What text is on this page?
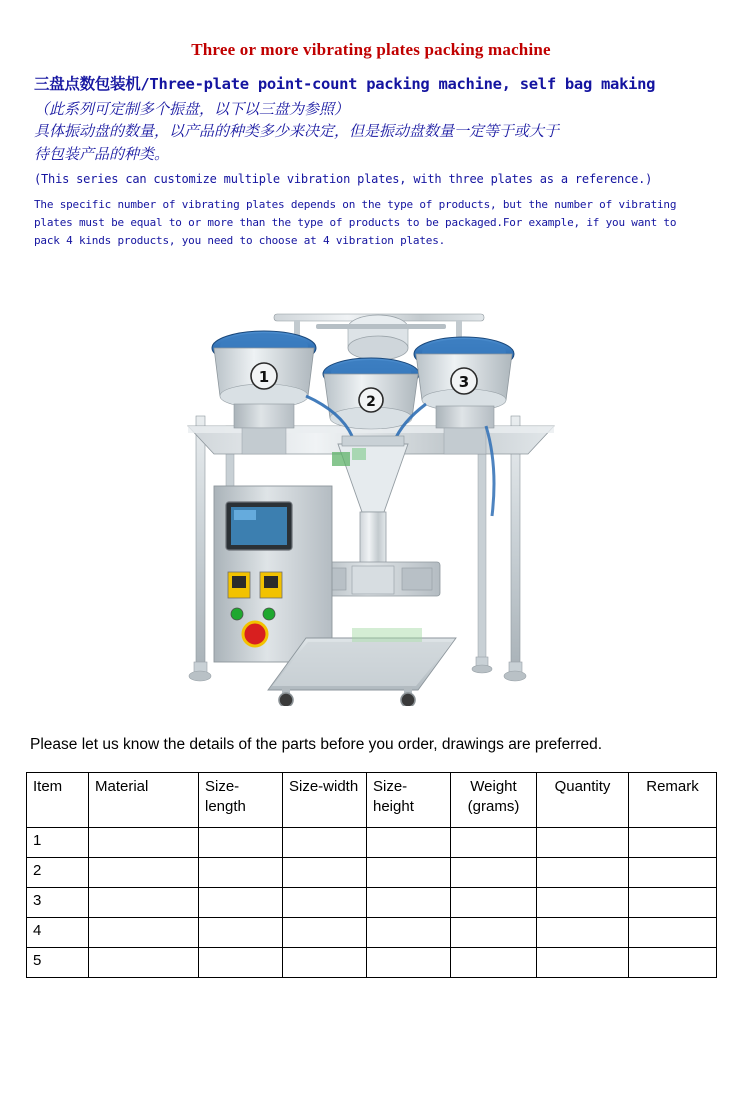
Three or more vibrating plates packing machine
三盘点数包装机/Three-plate point-count packing machine, self bag making
（此系列可定制多个振盘，以下以三盘为参照）
具体振动盘的数量，以产品的种类多少来决定，但是振动盘数量一定等于或大于
待包装产品的种类。
(This series can customize multiple vibration plates, with three plates as a reference.)
The specific number of vibrating plates depends on the type of products, but the number of vibrating plates must be equal to or more than the type of products to be packaged.For example, if you want to pack 4 kinds products, you need to choose at 4 vibration plates.
1
2
3
Please let us know the details of the parts before you order, drawings are preferred.
Item	Material	Size-length	Size-width	Size-height	Weight (grams)	Quantity	Remark
1							
2							
3							
4							
5							
